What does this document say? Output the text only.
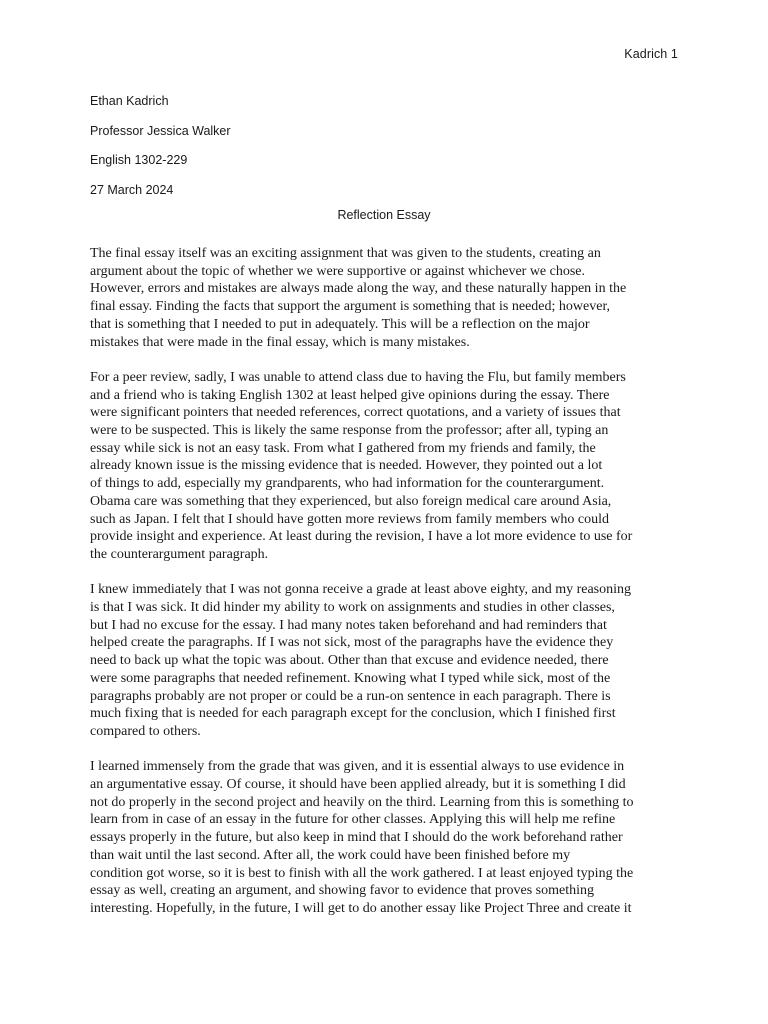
Kadrich 1
Ethan Kadrich
Professor Jessica Walker
English 1302-229
27 March 2024
Reflection Essay
The final essay itself was an exciting assignment that was given to the students, creating an
argument about the topic of whether we were supportive or against whichever we chose.
However, errors and mistakes are always made along the way, and these naturally happen in the
final essay. Finding the facts that support the argument is something that is needed; however,
that is something that I needed to put in adequately. This will be a reflection on the major
mistakes that were made in the final essay, which is many mistakes.
For a peer review, sadly, I was unable to attend class due to having the Flu, but family members
and a friend who is taking English 1302 at least helped give opinions during the essay. There
were significant pointers that needed references, correct quotations, and a variety of issues that
were to be suspected. This is likely the same response from the professor; after all, typing an
essay while sick is not an easy task. From what I gathered from my friends and family, the
already known issue is the missing evidence that is needed. However, they pointed out a lot
of things to add, especially my grandparents, who had information for the counterargument.
Obama care was something that they experienced, but also foreign medical care around Asia,
such as Japan. I felt that I should have gotten more reviews from family members who could
provide insight and experience. At least during the revision, I have a lot more evidence to use for
the counterargument paragraph.
I knew immediately that I was not gonna receive a grade at least above eighty, and my reasoning
is that I was sick. It did hinder my ability to work on assignments and studies in other classes,
but I had no excuse for the essay. I had many notes taken beforehand and had reminders that
helped create the paragraphs. If I was not sick, most of the paragraphs have the evidence they
need to back up what the topic was about. Other than that excuse and evidence needed, there
were some paragraphs that needed refinement. Knowing what I typed while sick, most of the
paragraphs probably are not proper or could be a run-on sentence in each paragraph. There is
much fixing that is needed for each paragraph except for the conclusion, which I finished first
compared to others.
I learned immensely from the grade that was given, and it is essential always to use evidence in
an argumentative essay. Of course, it should have been applied already, but it is something I did
not do properly in the second project and heavily on the third. Learning from this is something to
learn from in case of an essay in the future for other classes. Applying this will help me refine
essays properly in the future, but also keep in mind that I should do the work beforehand rather
than wait until the last second. After all, the work could have been finished before my
condition got worse, so it is best to finish with all the work gathered. I at least enjoyed typing the
essay as well, creating an argument, and showing favor to evidence that proves something
interesting. Hopefully, in the future, I will get to do another essay like Project Three and create it
